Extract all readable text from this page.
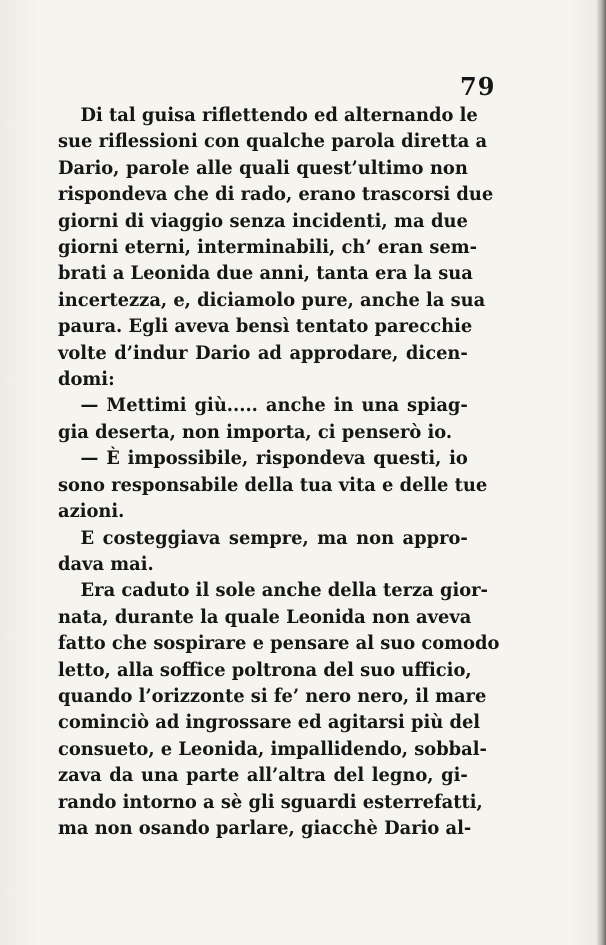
79
Di tal guisa riflettendo ed alternando le
sue riflessioni con qualche parola diretta a
Dario, parole alle quali quest’ultimo non
rispondeva che di rado, erano trascorsi due
giorni di viaggio senza incidenti, ma due
giorni eterni, interminabili, ch’ eran sem-
brati a Leonida due anni, tanta era la sua
incertezza, e, diciamolo pure, anche la sua
paura. Egli aveva bensì tentato parecchie
volte d’indur Dario ad approdare, dicen-
domi:
— Mettimi giù..... anche in una spiag-
gia deserta, non importa, ci penserò io.
— È impossibile, rispondeva questi, io
sono responsabile della tua vita e delle tue
azioni.
E costeggiava sempre, ma non appro-
dava mai.
Era caduto il sole anche della terza gior-
nata, durante la quale Leonida non aveva
fatto che sospirare e pensare al suo comodo
letto, alla soffice poltrona del suo ufficio,
quando l’orizzonte si fe’ nero nero, il mare
cominciò ad ingrossare ed agitarsi più del
consueto, e Leonida, impallidendo, sobbal-
zava da una parte all’altra del legno, gi-
rando intorno a sè gli sguardi esterrefatti,
ma non osando parlare, giacchè Dario al-
